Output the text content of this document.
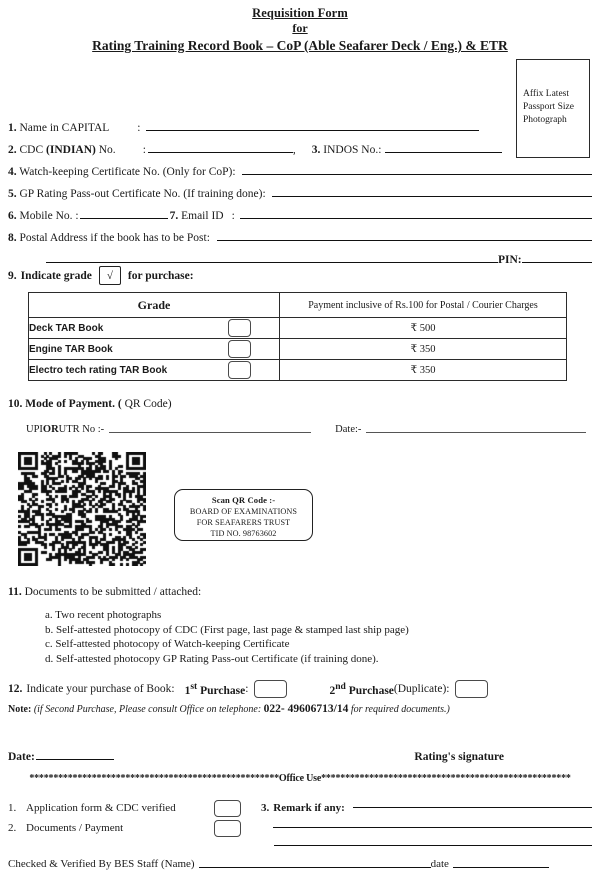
Requisition Form
for
Rating Training Record Book – CoP (Able Seafarer Deck / Eng.) & ETR
Affix Latest
Passport Size
Photograph
1. Name in CAPITAL :
2. CDC (INDIAN) No. :	, 3. INDOS No.:
4. Watch-keeping Certificate No. (Only for CoP):
5. GP Rating Pass-out Certificate No. (If training done):
6. Mobile No. :	7. Email ID :
8. Postal Address if the book has to be Post:
PIN:
9. Indicate grade √ for purchase:
Grade	Payment inclusive of Rs.100 for Postal / Courier Charges
Deck TAR Book	₹ 500
Engine TAR Book	₹ 350
Electro tech rating TAR Book	₹ 350
10. Mode of Payment. ( QR Code)
UPI OR UTR No :-	Date:-
Scan QR Code :-
BOARD OF EXAMINATIONS
FOR SEAFARERS TRUST
TID NO. 98763602
11. Documents to be submitted / attached:
a. Two recent photographs
b. Self-attested photocopy of CDC (First page, last page & stamped last ship page)
c. Self-attested photocopy of Watch-keeping Certificate
d. Self-attested photocopy GP Rating Pass-out Certificate (if training done).
12. Indicate your purchase of Book: 1st Purchase :	2nd Purchase (Duplicate):
Note: (if Second Purchase, Please consult Office on telephone: 022- 49606713/14 for required documents.)
Date:	Rating's signature
****************************************************Office Use****************************************************
1. Application form & CDC verified	3. Remark if any:
2. Documents / Payment
Checked & Verified By BES Staff (Name)	date
